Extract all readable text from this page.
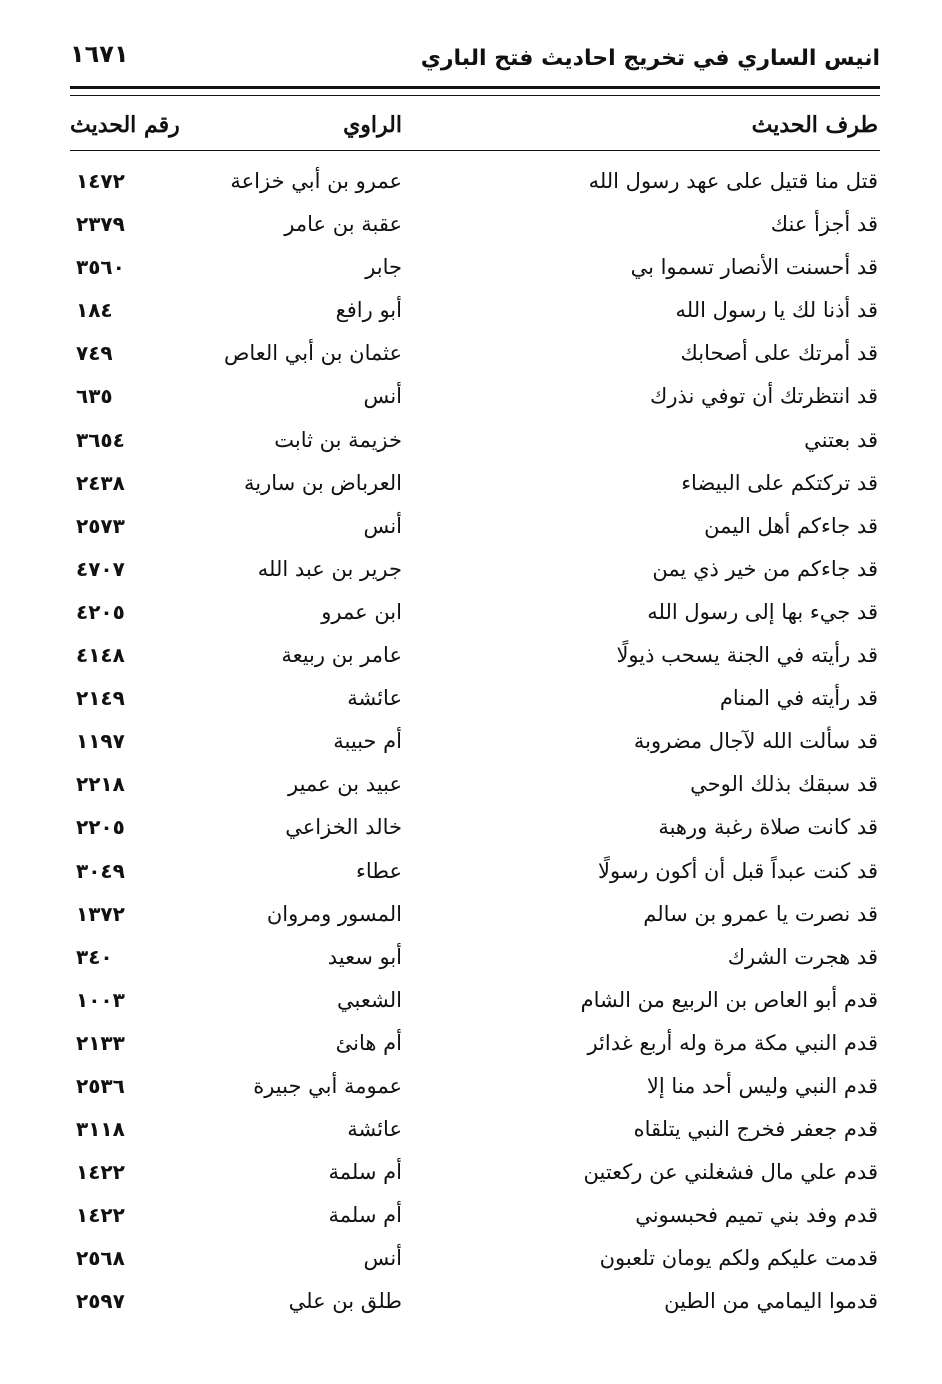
انيس الساري في تخريج احاديث فتح الباري
١٦٧١
طرف الحديث
الراوي
رقم الحديث
قتل منا قتيل على عهد رسول الله
عمرو بن أبي خزاعة
١٤٧٢
قد أجزأ عنك
عقبة بن عامر
٢٣٧٩
قد أحسنت الأنصار تسموا بي
جابر
٣٥٦٠
قد أذنا لك يا رسول الله
أبو رافع
١٨٤
قد أمرتك على أصحابك
عثمان بن أبي العاص
٧٤٩
قد انتظرتك أن توفي نذرك
أنس
٦٣٥
قد بعتني
خزيمة بن ثابت
٣٦٥٤
قد تركتكم على البيضاء
العرباض بن سارية
٢٤٣٨
قد جاءكم أهل اليمن
أنس
٢٥٧٣
قد جاءكم من خير ذي يمن
جرير بن عبد الله
٤٧٠٧
قد جيء بها إلى رسول الله
ابن عمرو
٤٢٠٥
قد رأيته في الجنة يسحب ذيولًا
عامر بن ربيعة
٤١٤٨
قد رأيته في المنام
عائشة
٢١٤٩
قد سألت الله لآجال مضروبة
أم حبيبة
١١٩٧
قد سبقك بذلك الوحي
عبيد بن عمير
٢٢١٨
قد كانت صلاة رغبة ورهبة
خالد الخزاعي
٢٢٠٥
قد كنت عبداً قبل أن أكون رسولًا
عطاء
٣٠٤٩
قد نصرت يا عمرو بن سالم
المسور ومروان
١٣٧٢
قد هجرت الشرك
أبو سعيد
٣٤٠
قدم أبو العاص بن الربيع من الشام
الشعبي
١٠٠٣
قدم النبي مكة مرة وله أربع غدائر
أم هانئ
٢١٣٣
قدم النبي وليس أحد منا إلا
عمومة أبي جبيرة
٢٥٣٦
قدم جعفر فخرج النبي يتلقاه
عائشة
٣١١٨
قدم علي مال فشغلني عن ركعتين
أم سلمة
١٤٢٢
قدم وفد بني تميم فحبسوني
أم سلمة
١٤٢٢
قدمت عليكم ولكم يومان تلعبون
أنس
٢٥٦٨
قدموا اليمامي من الطين
طلق بن علي
٢٥٩٧
